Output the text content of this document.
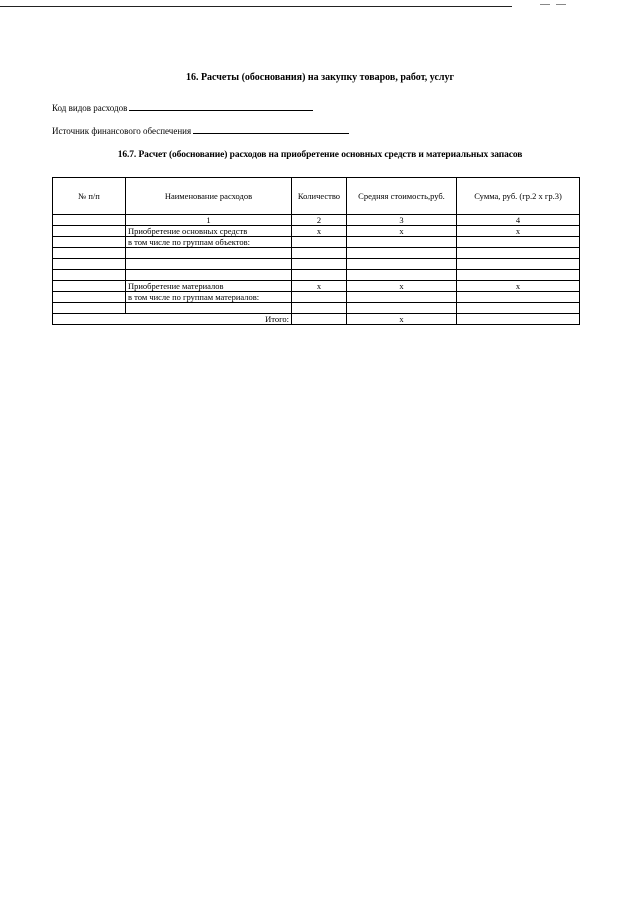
16. Расчеты (обоснования) на закупку товаров, работ, услуг
Код видов расходов
Источник финансового обеспечения
16.7. Расчет (обоснование) расходов на приобретение основных средств и материальных запасов
№ п/п	Наименование расходов	Количество	Средняя стоимость,руб.	Сумма, руб. (гр.2 х гр.3)
	1	2	3	4
	Приобретение основных средств	х	х	х
	в том числе по группам объектов:			

	Приобретение материалов	х	х	х
	в том числе по группам материалов:			

Итого:			х	
